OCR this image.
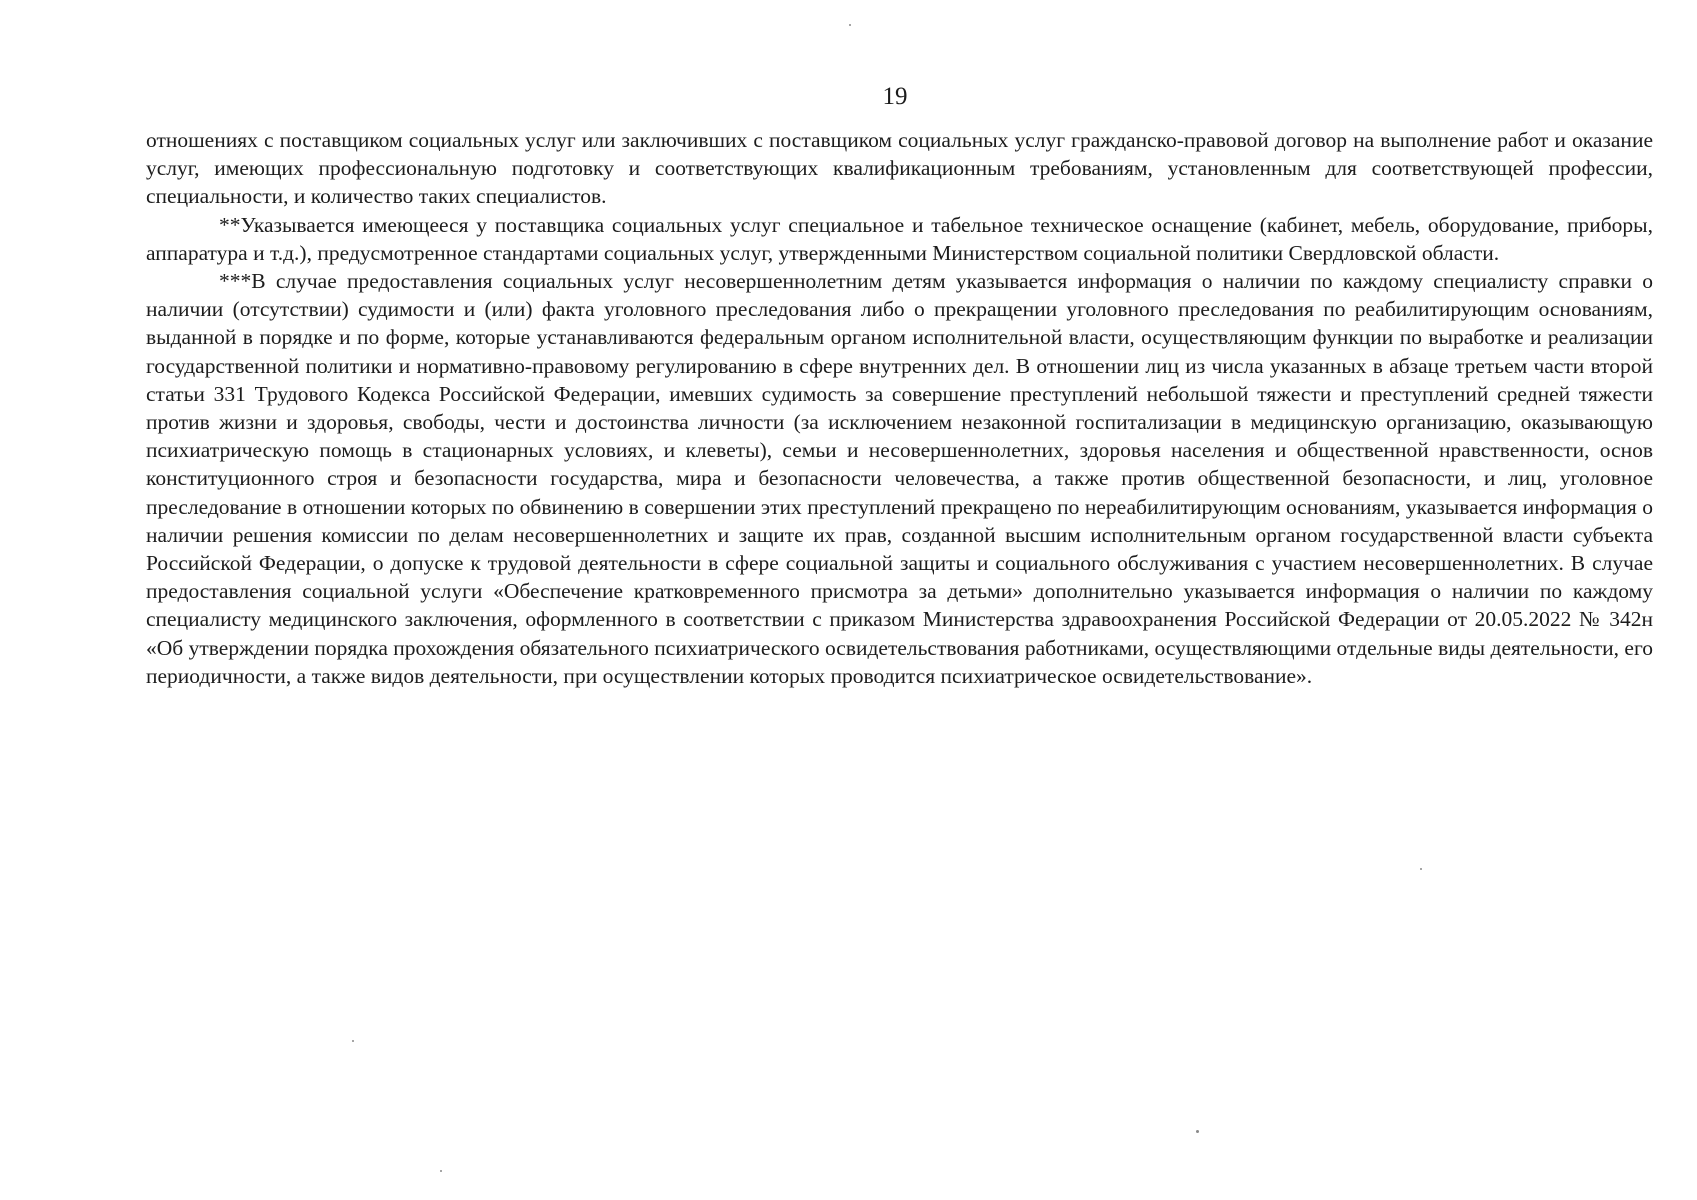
19

отношениях с поставщиком социальных услуг или заключивших с поставщиком социальных услуг гражданско-правовой договор на выполнение работ и оказание услуг, имеющих профессиональную подготовку и соответствующих квалификационным требованиям, установленным для соответствующей профессии, специальности, и количество таких специалистов.

**Указывается имеющееся у поставщика социальных услуг специальное и табельное техническое оснащение (кабинет, мебель, оборудование, приборы, аппаратура и т.д.), предусмотренное стандартами социальных услуг, утвержденными Министерством социальной политики Свердловской области.

***В случае предоставления социальных услуг несовершеннолетним детям указывается информация о наличии по каждому специалисту справки о наличии (отсутствии) судимости и (или) факта уголовного преследования либо о прекращении уголовного преследования по реабилитирующим основаниям, выданной в порядке и по форме, которые устанавливаются федеральным органом исполнительной власти, осуществляющим функции по выработке и реализации государственной политики и нормативно-правовому регулированию в сфере внутренних дел. В отношении лиц из числа указанных в абзаце третьем части второй статьи 331 Трудового Кодекса Российской Федерации, имевших судимость за совершение преступлений небольшой тяжести и преступлений средней тяжести против жизни и здоровья, свободы, чести и достоинства личности (за исключением незаконной госпитализации в медицинскую организацию, оказывающую психиатрическую помощь в стационарных условиях, и клеветы), семьи и несовершеннолетних, здоровья населения и общественной нравственности, основ конституционного строя и безопасности государства, мира и безопасности человечества, а также против общественной безопасности, и лиц, уголовное преследование в отношении которых по обвинению в совершении этих преступлений прекращено по нереабилитирующим основаниям, указывается информация о наличии решения комиссии по делам несовершеннолетних и защите их прав, созданной высшим исполнительным органом государственной власти субъекта Российской Федерации, о допуске к трудовой деятельности в сфере социальной защиты и социального обслуживания с участием несовершеннолетних. В случае предоставления социальной услуги «Обеспечение кратковременного присмотра за детьми» дополнительно указывается информация о наличии по каждому специалисту медицинского заключения, оформленного в соответствии с приказом Министерства здравоохранения Российской Федерации от 20.05.2022 № 342н «Об утверждении порядка прохождения обязательного психиатрического освидетельствования работниками, осуществляющими отдельные виды деятельности, его периодичности, а также видов деятельности, при осуществлении которых проводится психиатрическое освидетельствование».
